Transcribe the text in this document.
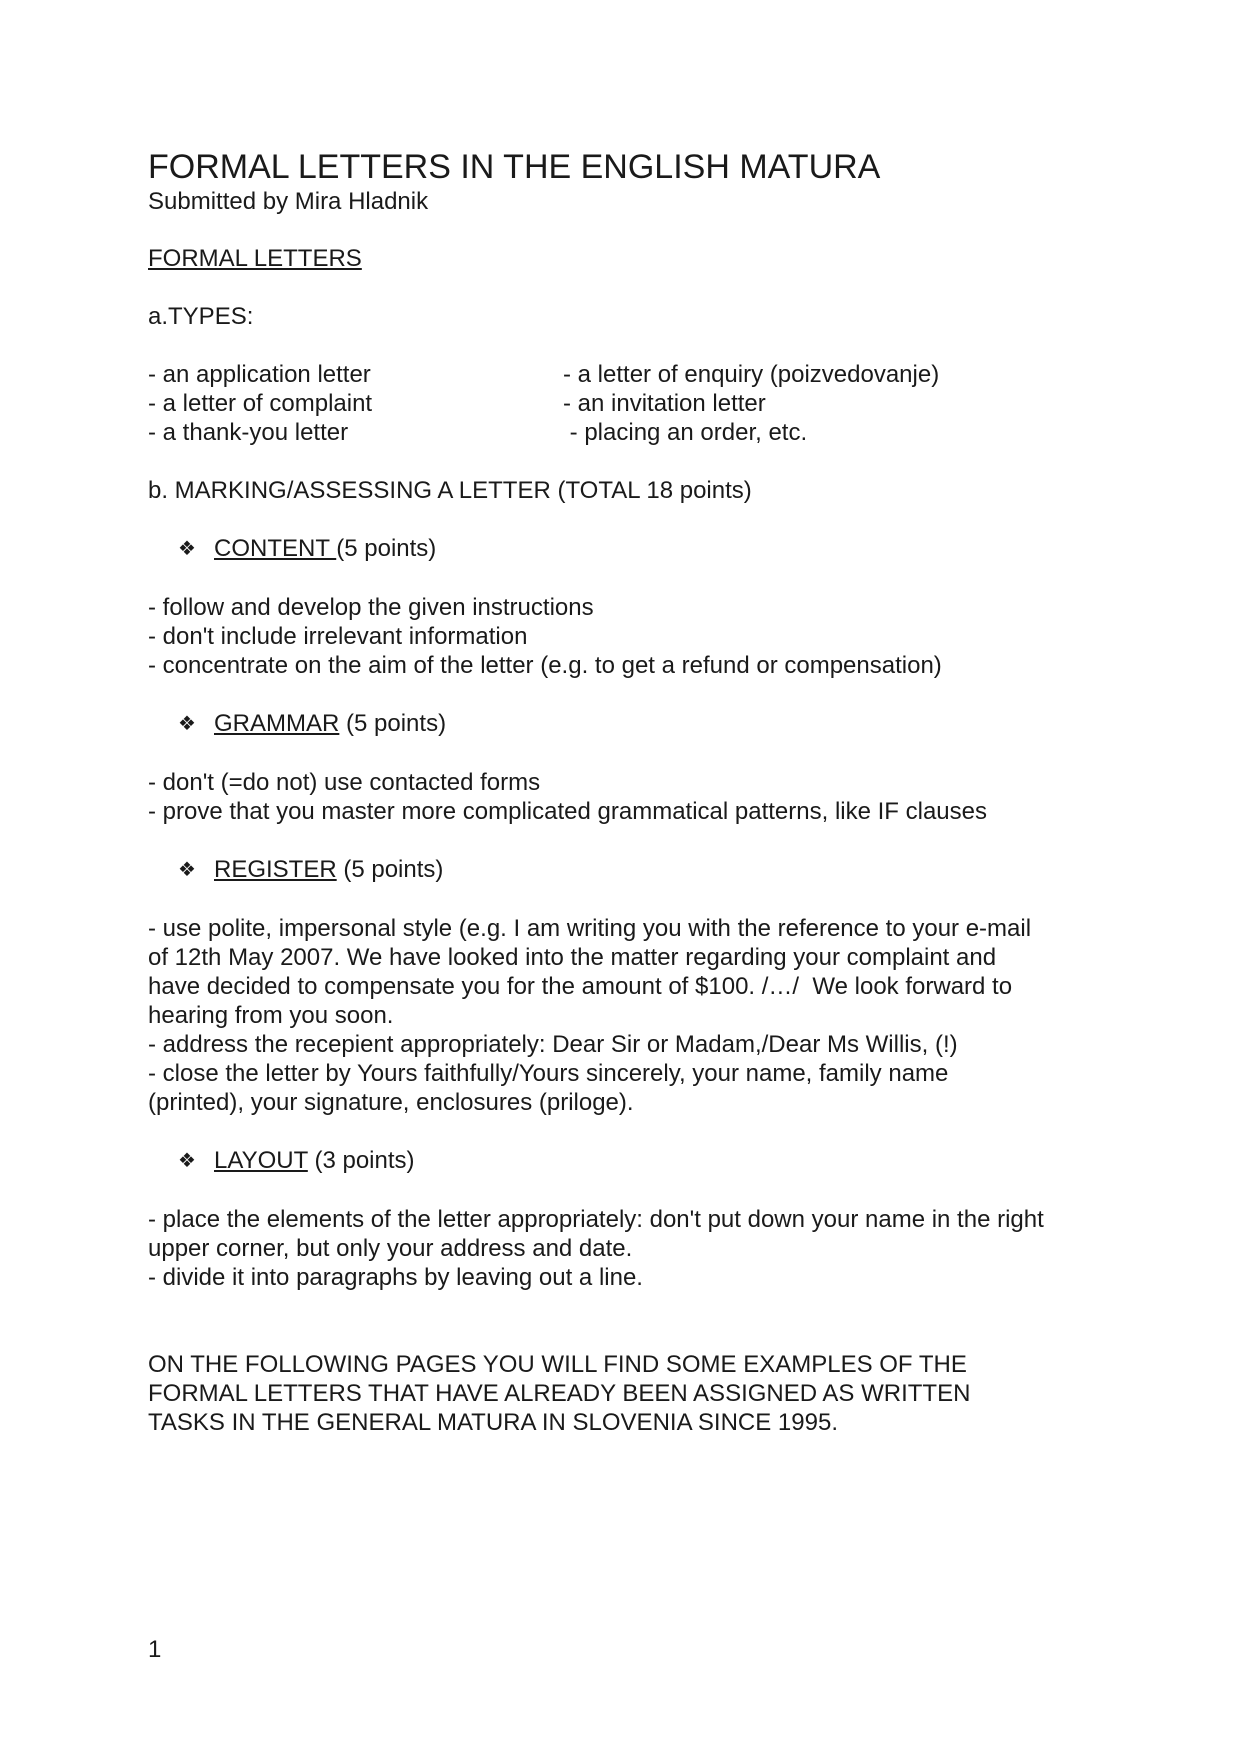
FORMAL LETTERS IN THE ENGLISH MATURA
Submitted by Mira Hladnik
FORMAL LETTERS
a.TYPES:
- an application letter	- a letter of enquiry (poizvedovanje)
- a letter of complaint	- an invitation letter
- a thank-you letter	- placing an order, etc.
b. MARKING/ASSESSING A LETTER (TOTAL 18 points)
❖ CONTENT (5 points)
- follow and develop the given instructions
- don't include irrelevant information
- concentrate on the aim of the letter (e.g. to get a refund or compensation)
❖ GRAMMAR (5 points)
- don't (=do not) use contacted forms
- prove that you master more complicated grammatical patterns, like IF clauses
❖ REGISTER (5 points)
- use polite, impersonal style (e.g. I am writing you with the reference to your e-mail
of 12th May 2007. We have looked into the matter regarding your complaint and
have decided to compensate you for the amount of $100. /…/  We look forward to
hearing from you soon.
- address the recepient appropriately: Dear Sir or Madam,/Dear Ms Willis, (!)
- close the letter by Yours faithfully/Yours sincerely, your name, family name
(printed), your signature, enclosures (priloge).
❖ LAYOUT (3 points)
- place the elements of the letter appropriately: don't put down your name in the right
upper corner, but only your address and date.
- divide it into paragraphs by leaving out a line.
ON THE FOLLOWING PAGES YOU WILL FIND SOME EXAMPLES OF THE
FORMAL LETTERS THAT HAVE ALREADY BEEN ASSIGNED AS WRITTEN
TASKS IN THE GENERAL MATURA IN SLOVENIA SINCE 1995.
1
